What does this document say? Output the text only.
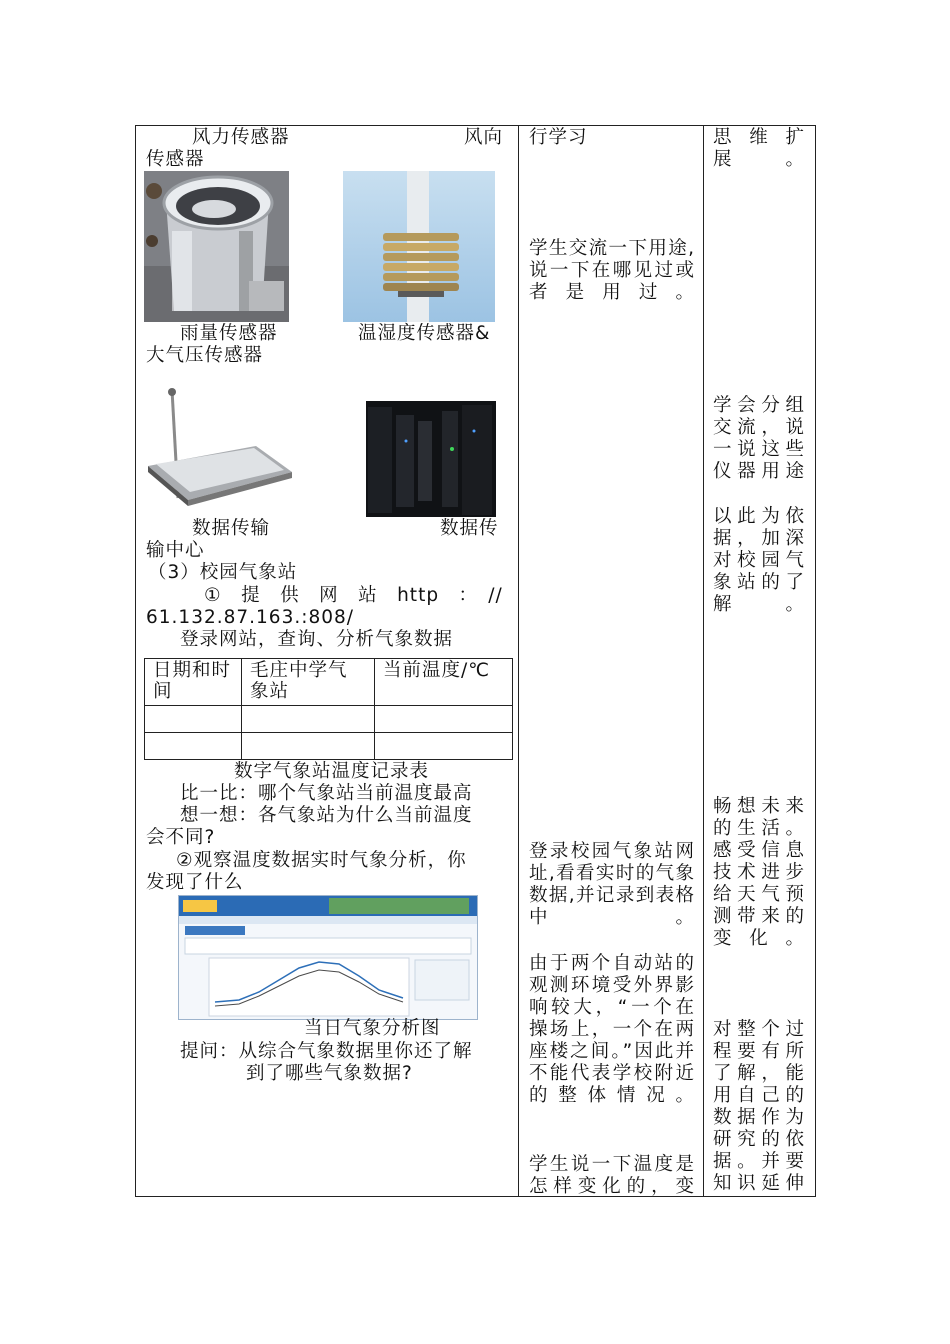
风力传感器	风向
传感器
雨量传感器	温湿度传感器&
大气压传感器
数据传输	数据传
输中心
（3）校园气象站
①　提　供　网　站　http　：　//
61.132.87.163.:808/
登录网站，查询、分析气象数据
日期和时间	毛庄中学气象站	当前温度/℃

数字气象站温度记录表
比一比：哪个气象站当前温度最高
想一想：各气象站为什么当前温度
会不同?
②观察温度数据实时气象分析，你
发现了什么
当日气象分析图
提问：从综合气象数据里你还了解
到了哪些气象数据?
行学习
学生交流一下用途,说一下在哪见过或者是用过。
登录校园气象站网址,看看实时的气象数据,并记录到表格中。
由于两个自动站的观测环境受外界影响较大，“一个在操场上，一个在两座楼之间。”因此并不能代表学校附近的整体情况。
学生说一下温度是怎样变化的，变
思维扩展。
学会分组交流，说一说这些仪器用途
以此为依据，加深对校园气象站的了解。
畅想未来的生活。感受信息技术进步给天气预测带来的变化。
对整个过程要有所了解，能用自己的数据作为研究的依据。并要知识延伸
